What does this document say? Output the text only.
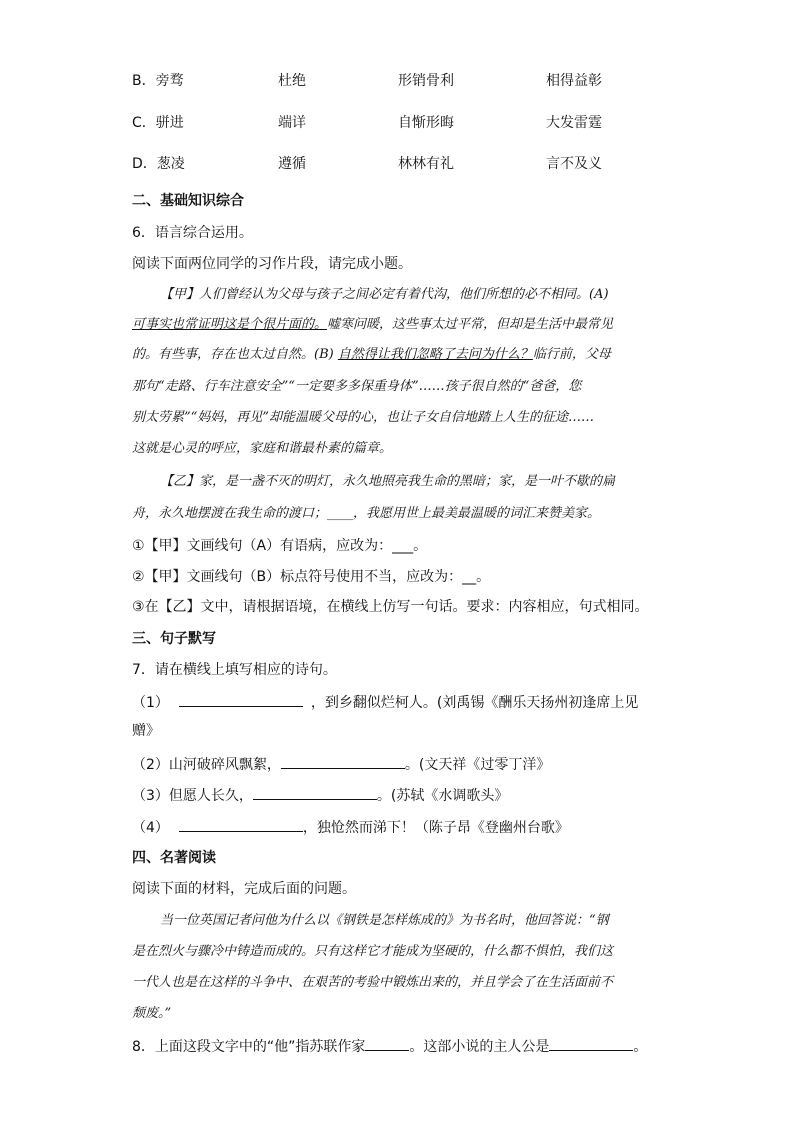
B．旁骛	杜绝	形销骨利	相得益彰
C．骈进	端详	自惭形晦	大发雷霆
D．葱凌	遵循	林林有礼	言不及义
二、基础知识综合
6．语言综合运用。
阅读下面两位同学的习作片段，请完成小题。
【甲】人们曾经认为父母与孩子之间必定有着代沟，他们所想的必不相同。(A)
可事实也常证明这是个很片面的。嘘寒问暖，这些事太过平常，但却是生活中最常见
的。有些事，存在也太过自然。(B) 自然得让我们忽略了去问为什么？临行前，父母
那句“走路、行车注意安全”“一定要多多保重身体”……孩子很自然的“爸爸，您
别太劳累”“妈妈，再见”却能温暖父母的心，也让子女自信地踏上人生的征途……
这就是心灵的呼应，家庭和谐最朴素的篇章。
【乙】家，是一盏不灭的明灯，永久地照亮我生命的黑暗；家，是一叶不歇的扁
舟，永久地摆渡在我生命的渡口；____，我愿用世上最美最温暖的词汇来赞美家。
①【甲】文画线句（A）有语病，应改为：___。
②【甲】文画线句（B）标点符号使用不当，应改为：__。
③在【乙】文中，请根据语境，在横线上仿写一句话。要求：内容相应，句式相同。
三、句子默写
7．请在横线上填写相应的诗句。
（1）	，到乡翻似烂柯人。(刘禹锡《酬乐天扬州初逢席上见
赠》
（2）山河破碎风飘絮，	。(文天祥《过零丁洋》
（3）但愿人长久，	。(苏轼《水调歌头》
（4）	，独怆然而涕下！（陈子昂《登幽州台歌》
四、名著阅读
阅读下面的材料，完成后面的问题。
当一位英国记者问他为什么以《钢铁是怎样炼成的》为书名时，他回答说：“钢
是在烈火与骤冷中铸造而成的。只有这样它才能成为坚硬的，什么都不惧怕，我们这
一代人也是在这样的斗争中、在艰苦的考验中锻炼出来的，并且学会了在生活面前不
颓废。”
8．上面这段文字中的“他”指苏联作家	。这部小说的主人公是	。
